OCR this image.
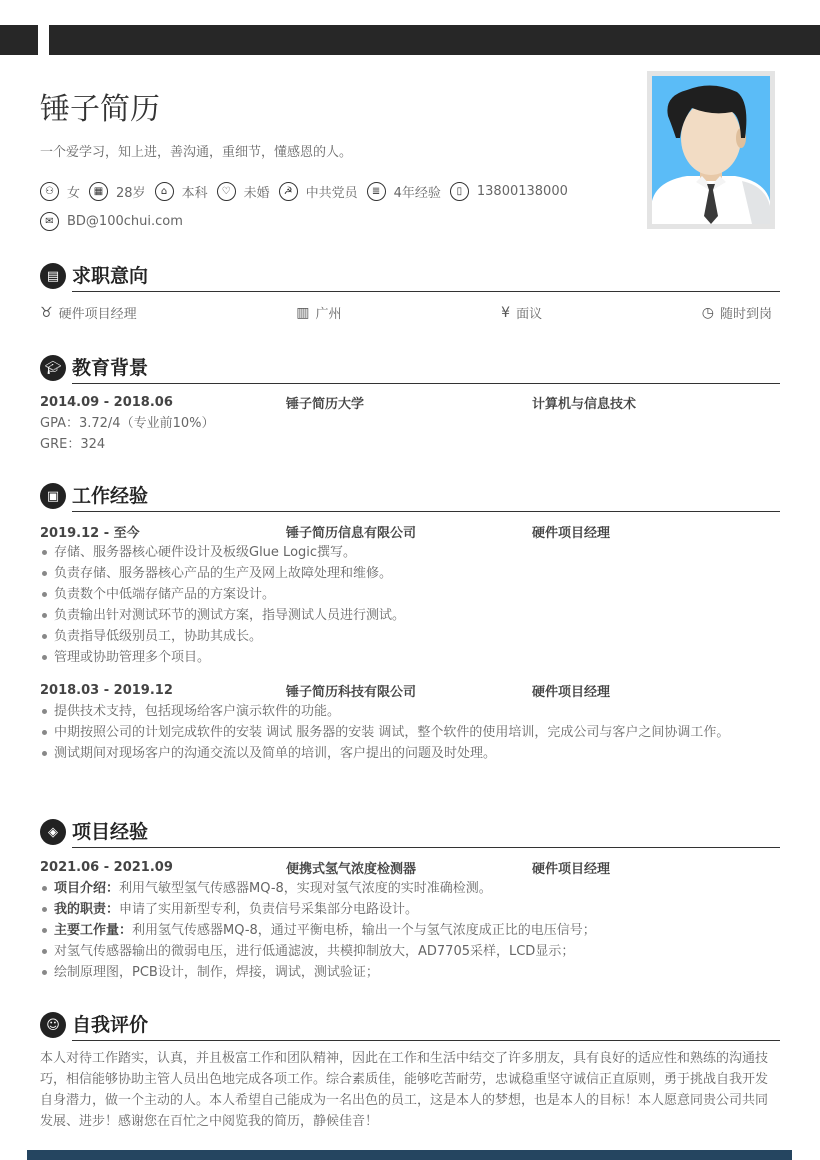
锤子简历
一个爱学习，知上进，善沟通，重细节，懂感恩的人。
⚇	女	▦ 28岁	⌂	本科	♡	未婚	☭	中共党员	≣	4年经验	▯	13800138000
✉	BD@100chui.com
▤ 求职意向
♉ 硬件项目经理	▥ 广州	¥ 面议	◷ 随时到岗
🎓︎ 教育背景
2014.09 - 2018.06	锤子简历大学	计算机与信息技术
GPA：3.72/4（专业前10%）
GRE：324
▣ 工作经验
2019.12 - 至今	锤子简历信息有限公司	硬件项目经理
存储、服务器核心硬件设计及板级Glue Logic撰写。
负责存储、服务器核心产品的生产及网上故障处理和维修。
负责数个中低端存储产品的方案设计。
负责输出针对测试环节的测试方案，指导测试人员进行测试。
负责指导低级别员工，协助其成长。
管理或协助管理多个项目。
2018.03 - 2019.12	锤子简历科技有限公司	硬件项目经理
提供技术支持，包括现场给客户演示软件的功能。
中期按照公司的计划完成软件的安装 调试 服务器的安装 调试，整个软件的使用培训，完成公司与客户之间协调工作。
测试期间对现场客户的沟通交流以及简单的培训，客户提出的问题及时处理。
◈ 项目经验
2021.06 - 2021.09	便携式氢气浓度检测器	硬件项目经理
项目介绍：利用气敏型氢气传感器MQ-8，实现对氢气浓度的实时准确检测。
我的职责：申请了实用新型专利，负责信号采集部分电路设计。
主要工作量：利用氢气传感器MQ-8，通过平衡电桥，输出一个与氢气浓度成正比的电压信号；
对氢气传感器输出的微弱电压，进行低通滤波，共模抑制放大，AD7705采样，LCD显示；
绘制原理图，PCB设计，制作，焊接，调试，测试验证；
☺ 自我评价
本人对待工作踏实，认真，并且极富工作和团队精神，因此在工作和生活中结交了许多朋友，具有良好的适应性和熟练的沟通技巧，相信能够协助主管人员出色地完成各项工作。综合素质佳，能够吃苦耐劳，忠诚稳重坚守诚信正直原则，勇于挑战自我开发自身潜力，做一个主动的人。本人希望自己能成为一名出色的员工，这是本人的梦想，也是本人的目标！本人愿意同贵公司共同发展、进步！感谢您在百忙之中阅览我的简历，静候佳音！
